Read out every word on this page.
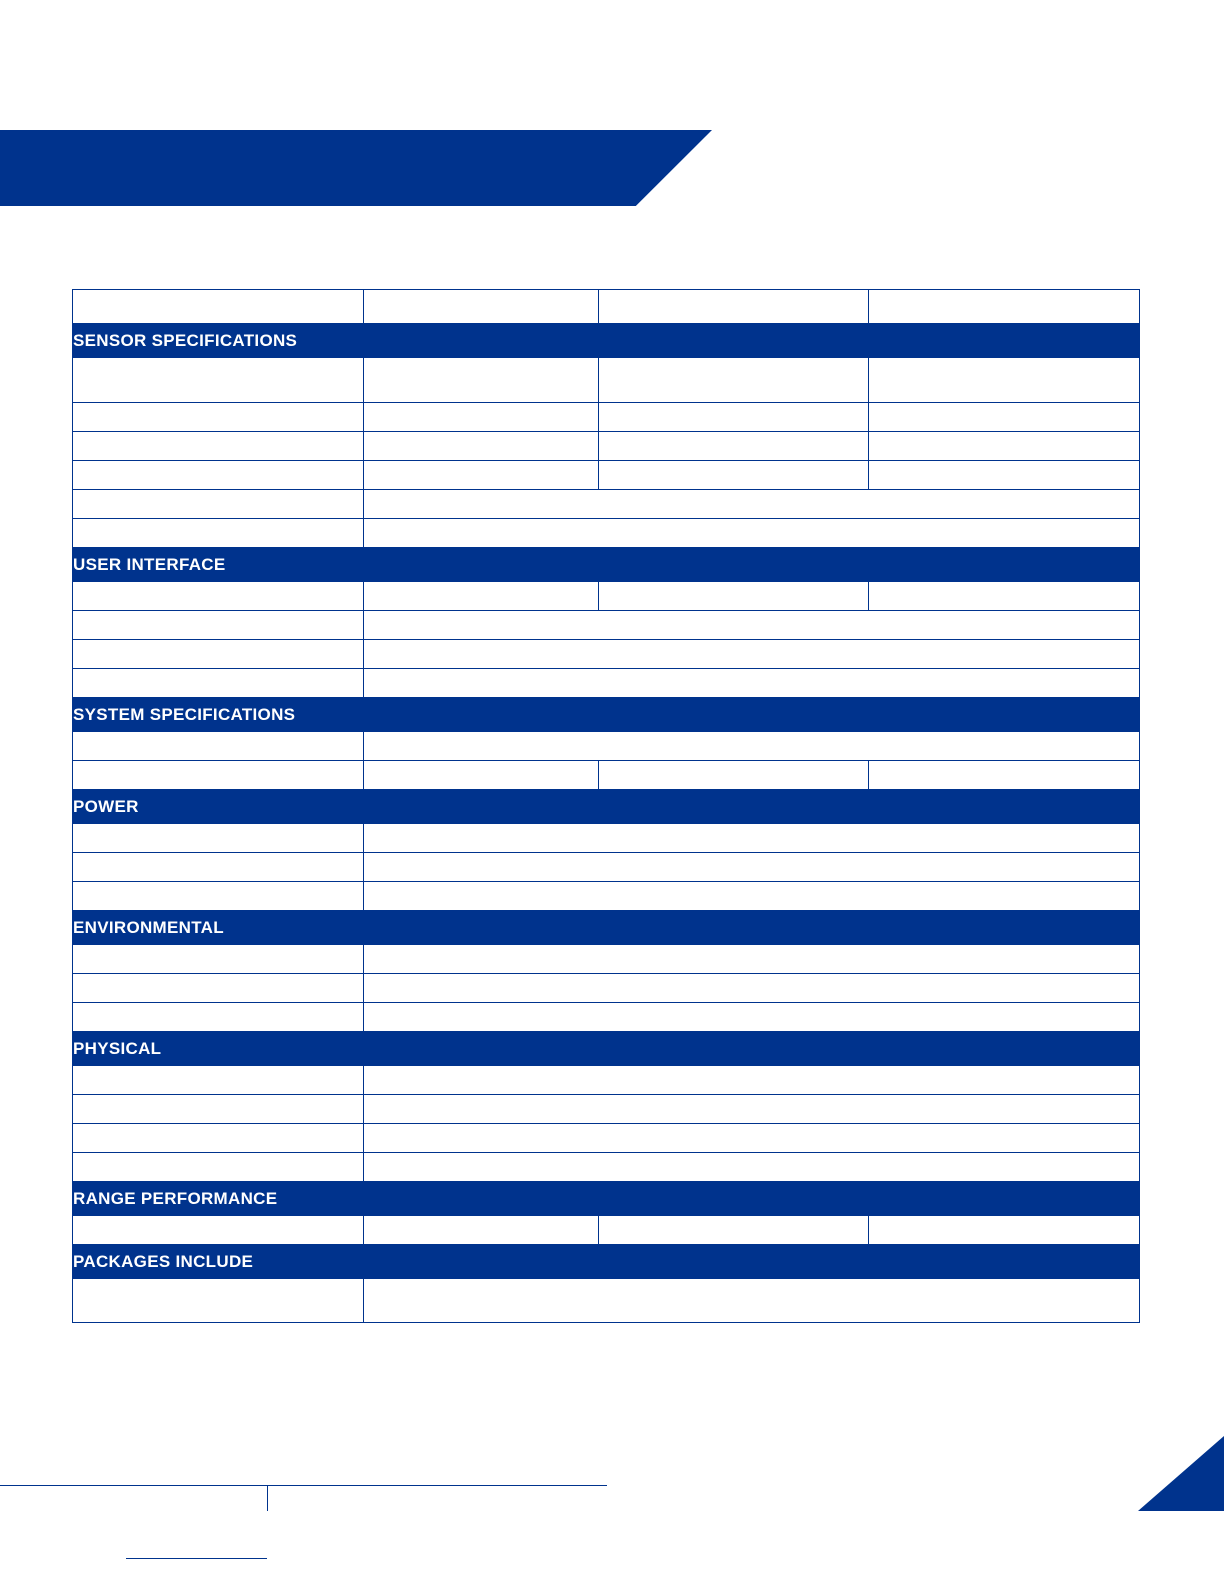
SENSOR SPECIFICATIONS			

USER INTERFACE			

SYSTEM SPECIFICATIONS			

POWER			

ENVIRONMENTAL			

PHYSICAL			

RANGE PERFORMANCE			

PACKAGES INCLUDE			
